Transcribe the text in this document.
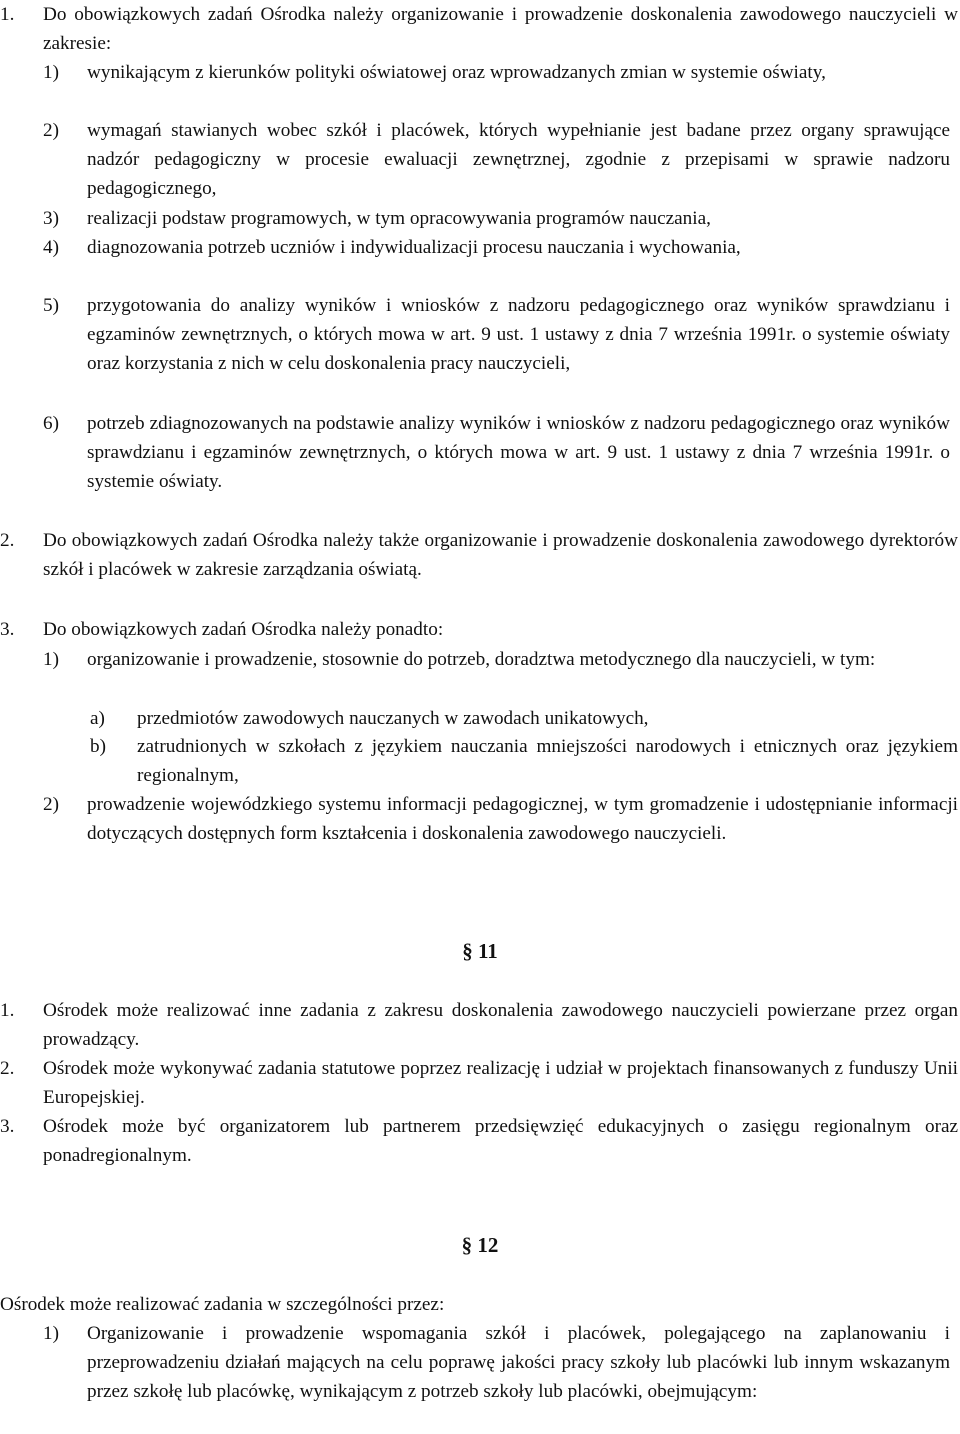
1.	Do obowiązkowych zadań Ośrodka należy organizowanie i prowadzenie doskonalenia zawodowego nauczycieli w zakresie:
1)	wynikającym z kierunków polityki oświatowej oraz wprowadzanych zmian w systemie oświaty,
2)	wymagań stawianych wobec szkół i placówek, których wypełnianie jest badane przez organy sprawujące nadzór pedagogiczny w procesie ewaluacji zewnętrznej, zgodnie z przepisami w sprawie nadzoru pedagogicznego,
3)	realizacji podstaw programowych, w tym opracowywania programów nauczania,
4)	diagnozowania potrzeb uczniów i indywidualizacji procesu nauczania i wychowania,
5)	przygotowania do analizy wyników i wniosków z nadzoru pedagogicznego oraz wyników sprawdzianu i egzaminów zewnętrznych, o których mowa w art. 9 ust. 1 ustawy z dnia 7 września 1991r. o systemie oświaty oraz korzystania z nich w celu doskonalenia pracy nauczycieli,
6)	potrzeb zdiagnozowanych na podstawie analizy wyników i wniosków z nadzoru pedagogicznego oraz wyników sprawdzianu i egzaminów zewnętrznych, o których mowa w art. 9 ust. 1 ustawy z dnia 7 września 1991r. o systemie oświaty.
2.	Do obowiązkowych zadań Ośrodka należy także organizowanie i prowadzenie doskonalenia zawodowego dyrektorów szkół i placówek w zakresie zarządzania oświatą.
3.	Do obowiązkowych zadań Ośrodka należy ponadto:
1)	organizowanie i prowadzenie, stosownie do potrzeb, doradztwa metodycznego dla nauczycieli, w tym:
a)	przedmiotów zawodowych nauczanych w zawodach unikatowych,
b)	zatrudnionych w szkołach z językiem nauczania mniejszości narodowych i etnicznych oraz językiem regionalnym,
2)	prowadzenie wojewódzkiego systemu informacji pedagogicznej, w tym gromadzenie i udostępnianie informacji dotyczących dostępnych form kształcenia i doskonalenia zawodowego nauczycieli.
§ 11
1.	Ośrodek może realizować inne zadania z zakresu doskonalenia zawodowego nauczycieli powierzane przez organ prowadzący.
2.	Ośrodek może wykonywać zadania statutowe poprzez realizację i udział w projektach finansowanych z funduszy Unii Europejskiej.
3.	Ośrodek może być organizatorem lub partnerem przedsięwzięć edukacyjnych o zasięgu regionalnym oraz ponadregionalnym.
§ 12
Ośrodek może realizować zadania w szczególności przez:
1)	Organizowanie i prowadzenie wspomagania szkół i placówek, polegającego na zaplanowaniu i przeprowadzeniu działań mających na celu poprawę jakości pracy szkoły lub placówki lub innym wskazanym przez szkołę lub placówkę, wynikającym z potrzeb szkoły lub placówki, obejmującym:
